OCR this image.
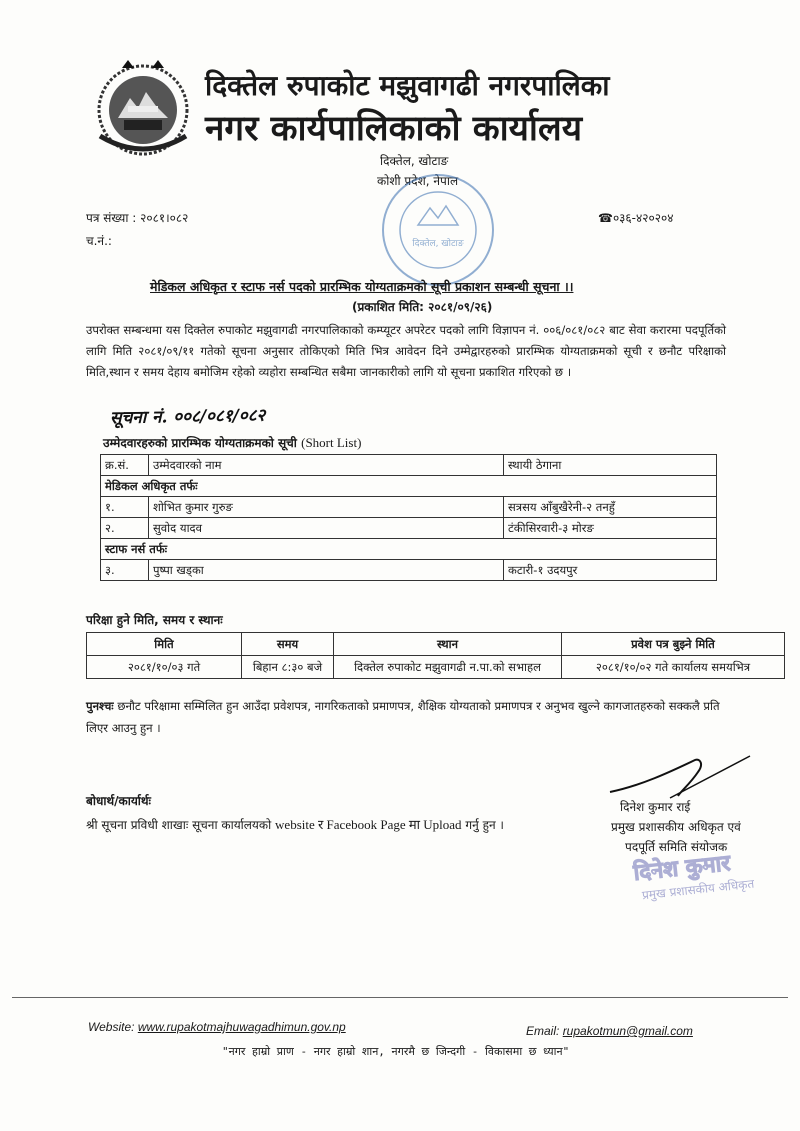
दिक्तेल रुपाकोट मझुवागढी नगरपालिका
नगर कार्यपालिकाको कार्यालय
दिक्तेल, खोटाङ
कोशी प्रदेश, नेपाल
दिक्तेल, खोटाङ
पत्र संख्या : २०८१।०८२
च.नं.:
☎०३६-४२०२०४
मेडिकल अधिकृत र स्टाफ नर्स पदको प्रारम्भिक योग्यताक्रमको सूची प्रकाशन सम्बन्धी सूचना ।।
(प्रकाशित मिति: २०८१/०९/२६)
उपरोक्त सम्बन्धमा यस दिक्तेल रुपाकोट मझुवागढी नगरपालिकाको कम्प्यूटर अपरेटर पदको लागि विज्ञापन नं. ००६/०८१/०८२ बाट सेवा करारमा पदपूर्तिको लागि मिति २०८१/०९/११ गतेको सूचना अनुसार तोकिएको मिति भित्र आवेदन दिने उम्मेद्वारहरुको प्रारम्भिक योग्यताक्रमको सूची र छनौट परिक्षाको मिति,स्थान र समय देहाय बमोजिम रहेको व्यहोरा सम्बन्धित सबैमा जानकारीको लागि यो सूचना प्रकाशित गरिएको छ ।
सूचना नं. ००८/०८१/०८२
उम्मेदवारहरुको प्रारम्भिक योग्यताक्रमको सूची (Short List)
क्र.सं.	उम्मेदवारको नाम	स्थायी ठेगाना
मेडिकल अधिकृत तर्फः		
१.	शोभित कुमार गुरुङ	सत्रसय आँबुखैरेनी-२ तनहुँ
२.	सुवोद यादव	टंकीसिरवारी-३ मोरङ
स्टाफ नर्स तर्फः		
३.	पुष्पा खड्का	कटारी-१ उदयपुर
परिक्षा हुने मिति, समय र स्थानः
मिति	समय	स्थान	प्रवेश पत्र बुझ्ने मिति
२०८१/१०/०३ गते	बिहान ८:३० बजे	दिक्तेल रुपाकोट मझुवागढी न.पा.को सभाहल	२०८१/१०/०२ गते कार्यालय समयभित्र
पुनश्चः छनौट परिक्षामा सम्मिलित हुन आउँदा प्रवेशपत्र, नागरिकताको प्रमाणपत्र, शैक्षिक योग्यताको प्रमाणपत्र र अनुभव खुल्ने कागजातहरुको सक्कलै प्रति लिएर आउनु हुन ।
बोधार्थ/कार्यार्थः
श्री सूचना प्रविधी शाखाः सूचना कार्यालयको website र Facebook Page मा Upload गर्नु हुन ।
दिनेश कुमार राई
प्रमुख प्रशासकीय अधिकृत एवं
पदपूर्ति समिति संयोजक
दिनेश कुमार
प्रमुख प्रशासकीय अधिकृत
Website: www.rupakotmajhuwagadhimun.gov.np	Email: rupakotmun@gmail.com
"नगर हाम्रो प्राण - नगर हाम्रो शान, नगरमै छ जिन्दगी - विकासमा छ ध्यान"
